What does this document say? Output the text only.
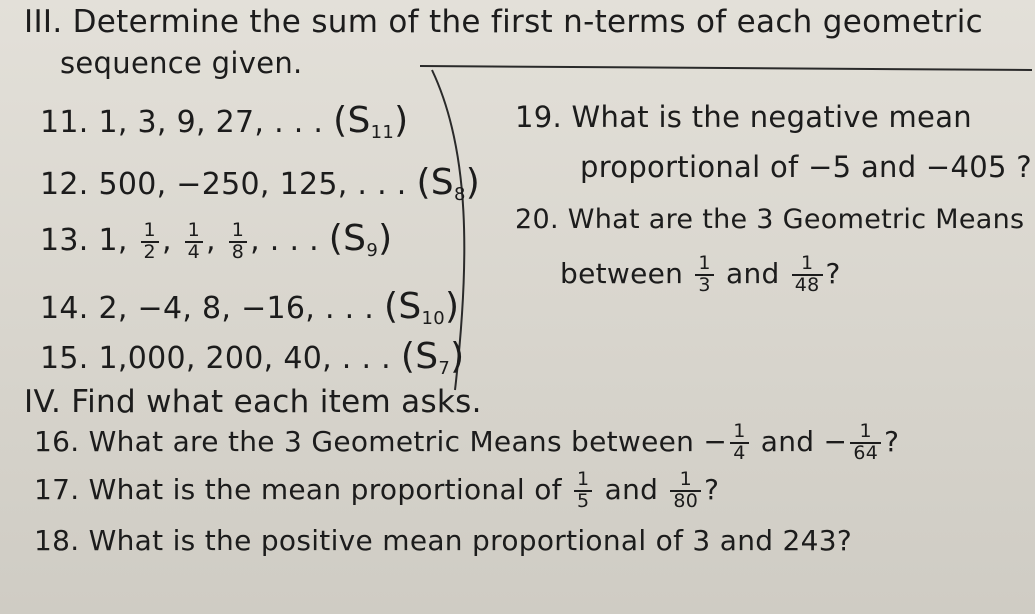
III. Determine the sum of the first n-terms of each geometric
sequence given.
11. 1, 3, 9, 27, . . . $(S_{11})$
12. 500, −250, 125, . . . $(S_8)$
13. 1, $\frac{1}{2}$ , $\frac{1}{4}$ , $\frac{1}{8}$ , . . . $(S_9)$
14. 2, −4, 8, −16, . . . $(S_{10})$
15. 1,000, 200, 40, . . . $(S_7)$
19. What is the negative mean
proportional of −5 and −405 ?
20. What are the 3 Geometric Means
between $\frac{1}{3}$ and $\frac{1}{48}$ ?
IV. Find what each item asks.
16. What are the 3 Geometric Means between − $\frac{1}{4}$ and − $\frac{1}{64}$ ?
17. What is the mean proportional of $\frac{1}{5}$ and $\frac{1}{80}$ ?
18. What is the positive mean proportional of 3 and 243?
